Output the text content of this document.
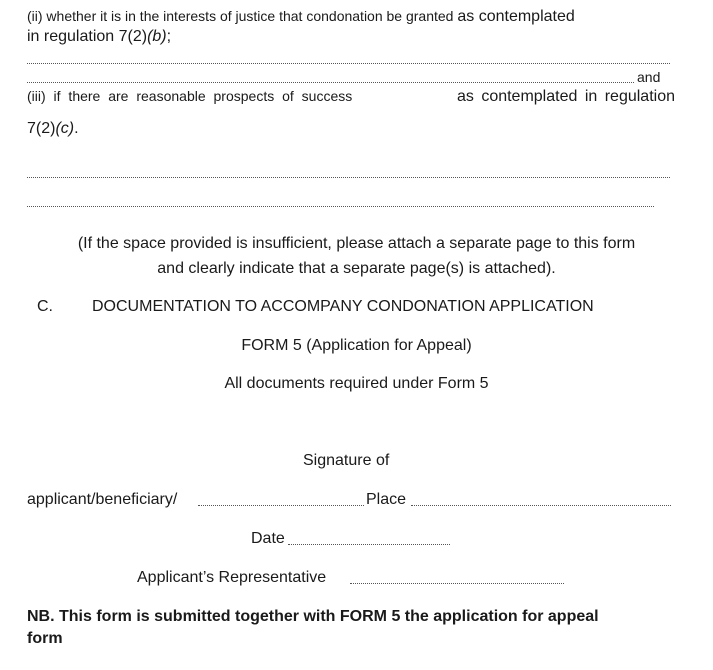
(ii) whether it is in the interests of justice that condonation be granted as contemplated
in regulation 7(2)(b);
and
(iii) if there are reasonable prospects of success	as contemplated in regulation
7(2)(c).
(If the space provided is insufficient, please attach a separate page to this form
and clearly indicate that a separate page(s) is attached).
C. DOCUMENTATION TO ACCOMPANY CONDONATION APPLICATION
FORM 5 (Application for Appeal)
All documents required under Form 5
Signature of
applicant/beneficiary/	Place
Date
Applicant’s Representative
NB. This form is submitted together with FORM 5 the application for appeal
form
